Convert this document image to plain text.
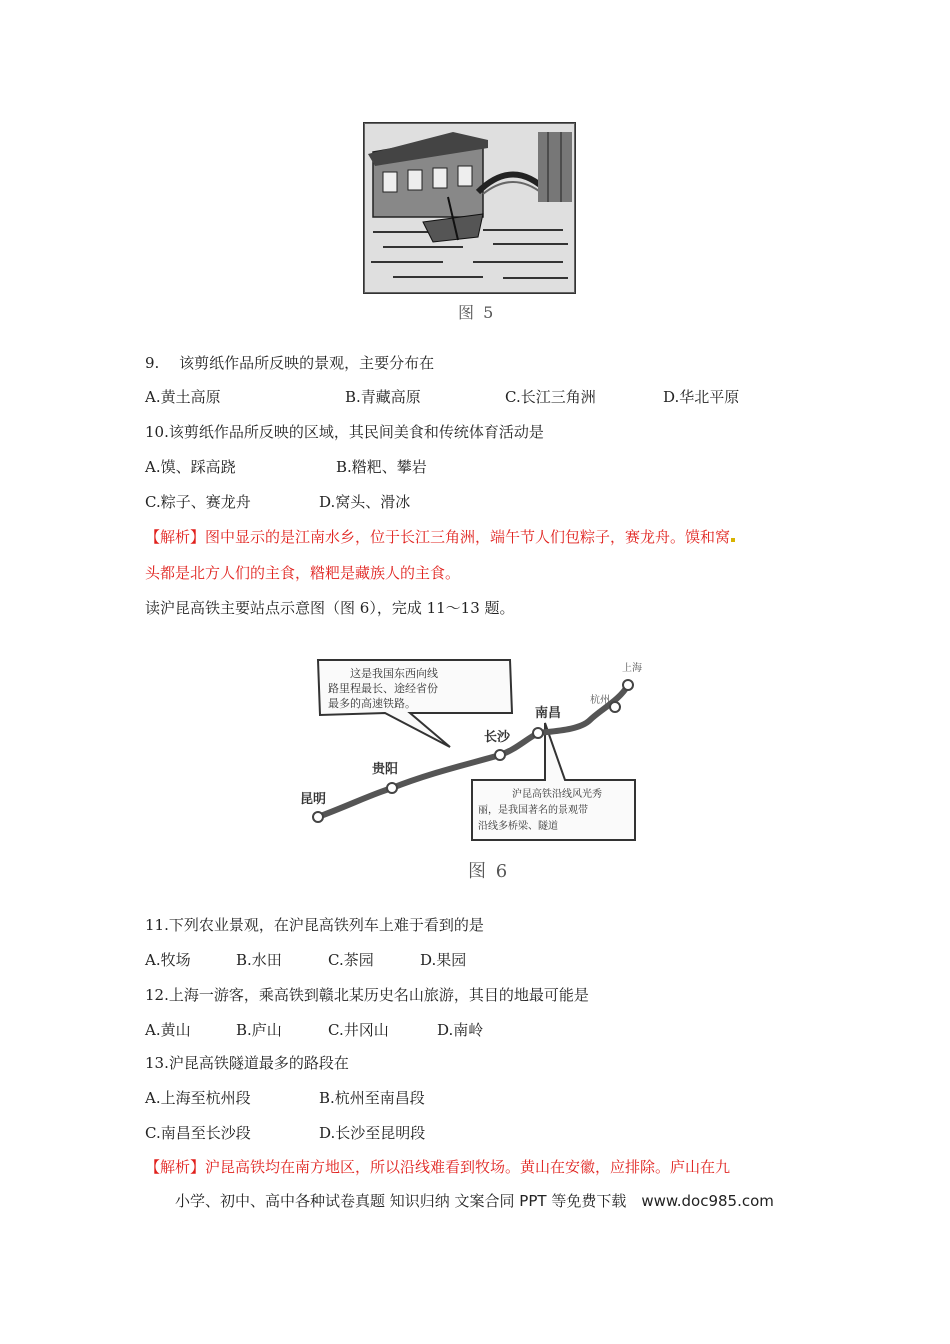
图 5
9.　 该剪纸作品所反映的景观，主要分布在
A.黄土高原	B.青藏高原	C.长江三角洲	D.华北平原
10.该剪纸作品所反映的区域，其民间美食和传统体育活动是
A.馍、踩高跷	B.糌粑、攀岩
C.粽子、赛龙舟	D.窝头、滑冰
【解析】图中显示的是江南水乡，位于长江三角洲，端午节人们包粽子，赛龙舟。馍和窝
头都是北方人们的主食，糌粑是藏族人的主食。
读沪昆高铁主要站点示意图（图 6），完成 11～13 题。
这是我国东西向线
路里程最长、途经省份
最多的高速铁路。
沪昆高铁沿线风光秀
丽，是我国著名的景观带
沿线多桥梁、隧道
昆明
贵阳
长沙
南昌
杭州
上海
图 6
11.下列农业景观，在沪昆高铁列车上难于看到的是
A.牧场	B.水田	C.茶园	D.果园
12.上海一游客，乘高铁到赣北某历史名山旅游，其目的地最可能是
A.黄山	B.庐山	C.井冈山	D.南岭
13.沪昆高铁隧道最多的路段在
A.上海至杭州段	B.杭州至南昌段
C.南昌至长沙段	D.长沙至昆明段
【解析】沪昆高铁均在南方地区，所以沿线难看到牧场。黄山在安徽，应排除。庐山在九
小学、初中、高中各种试卷真题 知识归纳 文案合同 PPT 等免费下载　www.doc985.com
